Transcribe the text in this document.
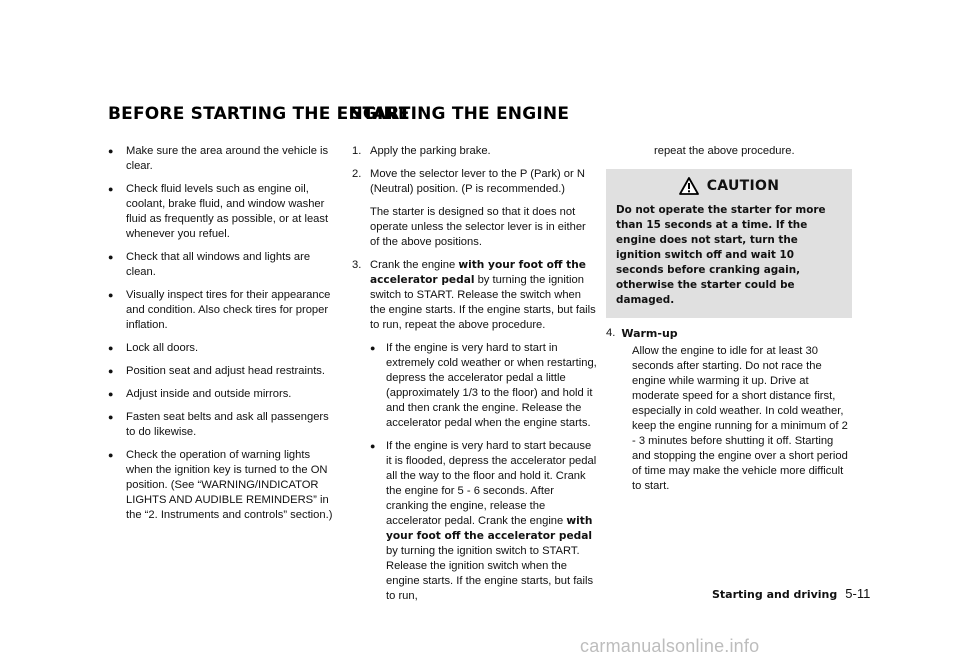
BEFORE STARTING THE ENGINE
STARTING THE ENGINE
● Make sure the area around the vehicle is clear.
● Check fluid levels such as engine oil, coolant, brake fluid, and window washer fluid as frequently as possible, or at least whenever you refuel.
● Check that all windows and lights are clean.
● Visually inspect tires for their appearance and condition. Also check tires for proper inflation.
● Lock all doors.
● Position seat and adjust head restraints.
● Adjust inside and outside mirrors.
● Fasten seat belts and ask all passengers to do likewise.
● Check the operation of warning lights when the ignition key is turned to the ON position. (See “WARNING/INDICATOR LIGHTS AND AUDIBLE REMINDERS” in the “2. Instruments and controls” section.)
1. Apply the parking brake.
2. Move the selector lever to the P (Park) or N (Neutral) position. (P is recommended.)
The starter is designed so that it does not operate unless the selector lever is in either of the above positions.
3. Crank the engine with your foot off the accelerator pedal by turning the ignition switch to START. Release the switch when the engine starts. If the engine starts, but fails to run, repeat the above procedure.
● If the engine is very hard to start in extremely cold weather or when restarting, depress the accelerator pedal a little (approximately 1/3 to the floor) and hold it and then crank the engine. Release the accelerator pedal when the engine starts.
● If the engine is very hard to start because it is flooded, depress the accelerator pedal all the way to the floor and hold it. Crank the engine for 5 - 6 seconds. After cranking the engine, release the accelerator pedal. Crank the engine with your foot off the accelerator pedal by turning the ignition switch to START. Release the ignition switch when the engine starts. If the engine starts, but fails to run,
repeat the above procedure.
CAUTION
Do not operate the starter for more than 15 seconds at a time. If the engine does not start, turn the ignition switch off and wait 10 seconds before cranking again, otherwise the starter could be damaged.
4. Warm-up
Allow the engine to idle for at least 30 seconds after starting. Do not race the engine while warming it up. Drive at moderate speed for a short distance first, especially in cold weather. In cold weather, keep the engine running for a minimum of 2 - 3 minutes before shutting it off. Starting and stopping the engine over a short period of time may make the vehicle more difficult to start.
Starting and driving 5-11
carmanualsonline.info
